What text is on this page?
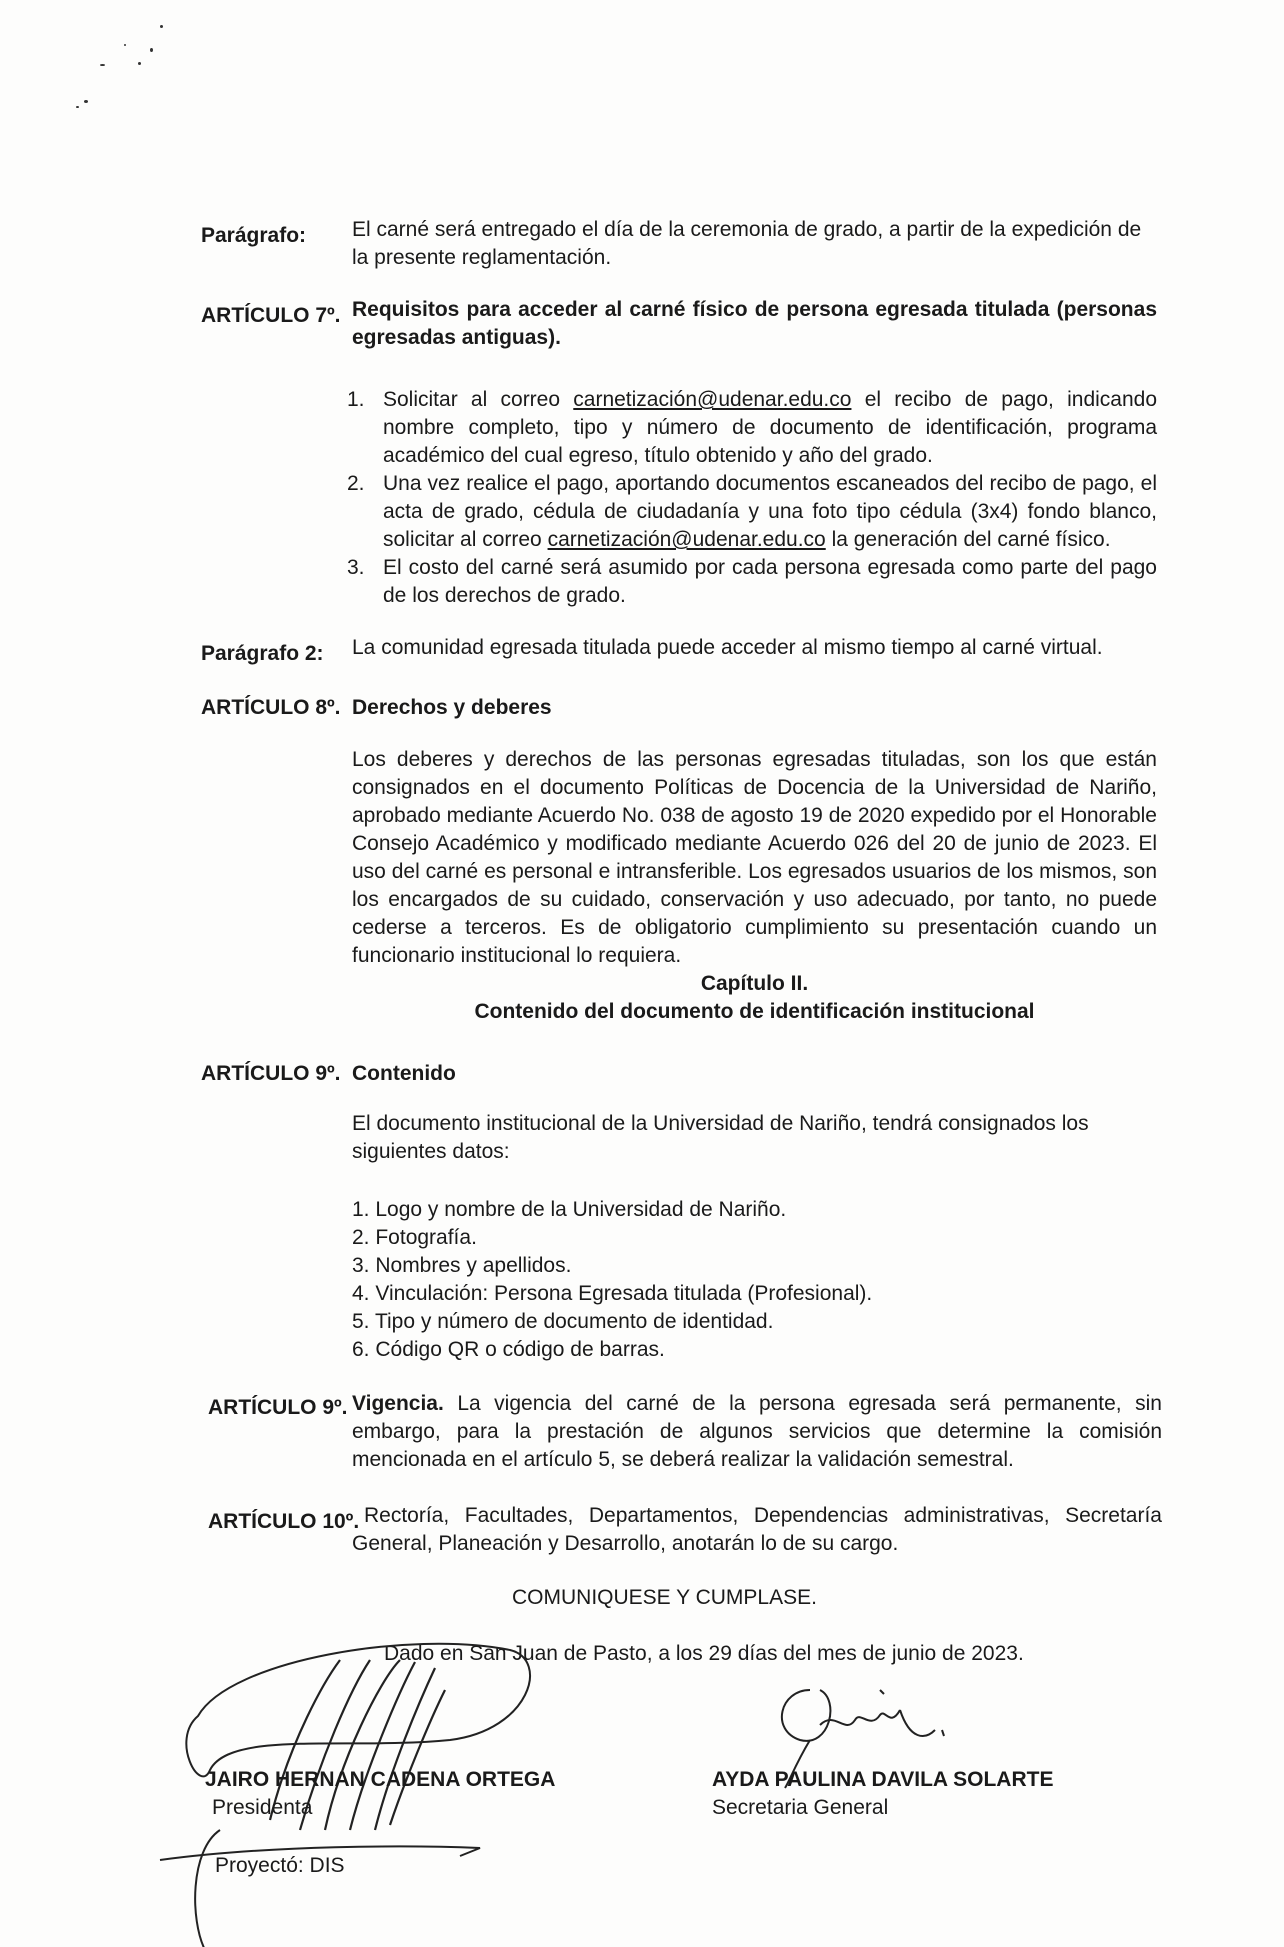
Parágrafo: El carné será entregado el día de la ceremonia de grado, a partir de la expedición de la presente reglamentación.
ARTÍCULO 7º. Requisitos para acceder al carné físico de persona egresada titulada (personas egresadas antiguas).
1. Solicitar al correo carnetización@udenar.edu.co el recibo de pago, indicando nombre completo, tipo y número de documento de identificación, programa académico del cual egreso, título obtenido y año del grado.
2. Una vez realice el pago, aportando documentos escaneados del recibo de pago, el acta de grado, cédula de ciudadanía y una foto tipo cédula (3x4) fondo blanco, solicitar al correo carnetización@udenar.edu.co la generación del carné físico.
3. El costo del carné será asumido por cada persona egresada como parte del pago de los derechos de grado.
Parágrafo 2: La comunidad egresada titulada puede acceder al mismo tiempo al carné virtual.
ARTÍCULO 8º. Derechos y deberes
Los deberes y derechos de las personas egresadas tituladas, son los que están consignados en el documento Políticas de Docencia de la Universidad de Nariño, aprobado mediante Acuerdo No. 038 de agosto 19 de 2020 expedido por el Honorable Consejo Académico y modificado mediante Acuerdo 026 del 20 de junio de 2023. El uso del carné es personal e intransferible. Los egresados usuarios de los mismos, son los encargados de su cuidado, conservación y uso adecuado, por tanto, no puede cederse a terceros. Es de obligatorio cumplimiento su presentación cuando un funcionario institucional lo requiera.
Capítulo II.
Contenido del documento de identificación institucional
ARTÍCULO 9º. Contenido
El documento institucional de la Universidad de Nariño, tendrá consignados los siguientes datos:
1. Logo y nombre de la Universidad de Nariño.
2. Fotografía.
3. Nombres y apellidos.
4. Vinculación: Persona Egresada titulada (Profesional).
5. Tipo y número de documento de identidad.
6. Código QR o código de barras.
ARTÍCULO 9º. Vigencia. La vigencia del carné de la persona egresada será permanente, sin embargo, para la prestación de algunos servicios que determine la comisión mencionada en el artículo 5, se deberá realizar la validación semestral.
ARTÍCULO 10º. Rectoría, Facultades, Departamentos, Dependencias administrativas, Secretaría General, Planeación y Desarrollo, anotarán lo de su cargo.
COMUNIQUESE Y CUMPLASE.
Dado en San Juan de Pasto, a los 29 días del mes de junio de 2023.
JAIRO HERNAN CADENA ORTEGA
Presidenta
AYDA PAULINA DAVILA SOLARTE
Secretaria General
Proyectó: DIS
